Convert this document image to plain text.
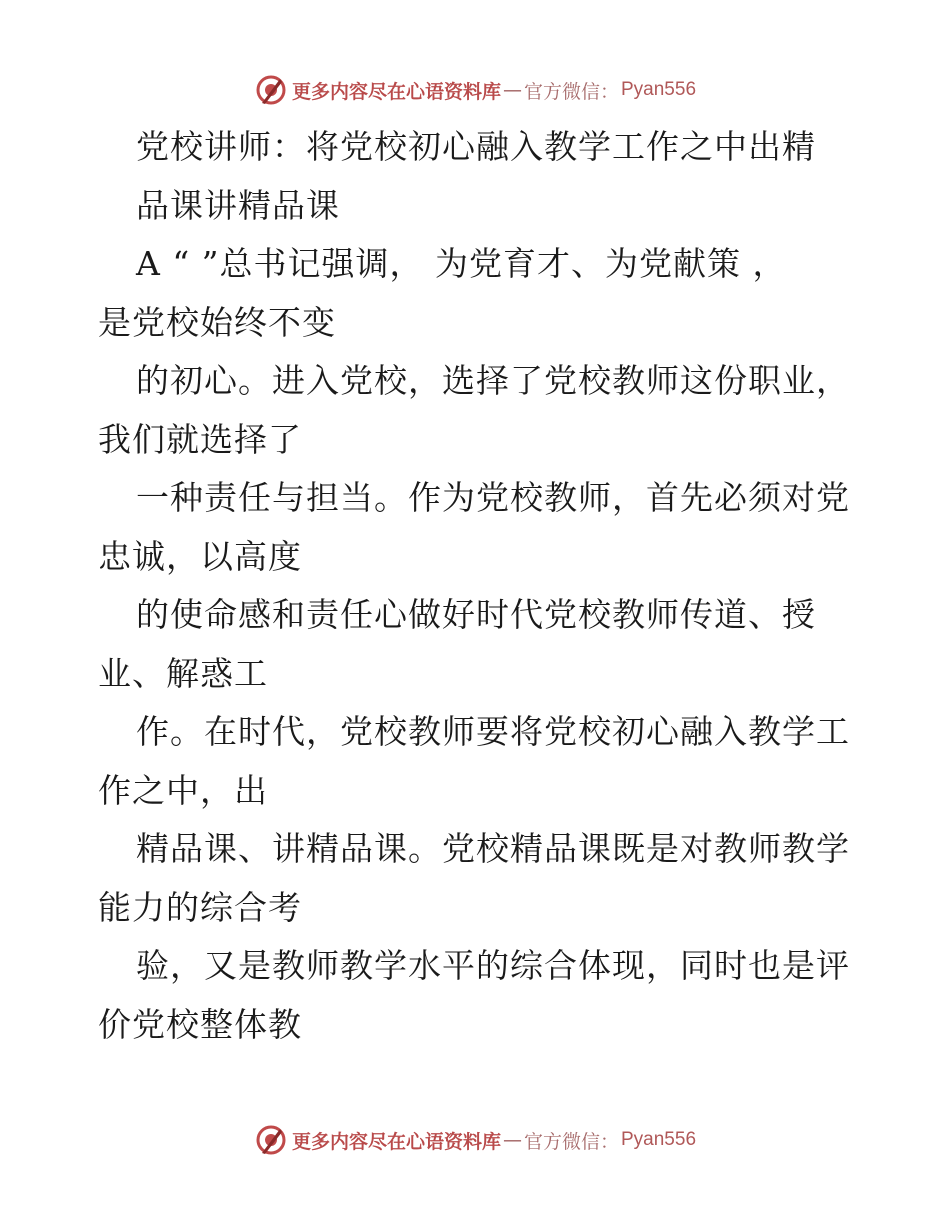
更多内容尽在心语资料库 — 官方微信： Pyan556
党校讲师：将党校初心融入教学工作之中出精
品课讲精品课
A “ ”总书记强调， 为党育才、为党献策 ，
是党校始终不变
的初心。进入党校，选择了党校教师这份职业，
我们就选择了
一种责任与担当。作为党校教师，首先必须对党
忠诚，以高度
的使命感和责任心做好时代党校教师传道、授
业、解惑工
作。在时代，党校教师要将党校初心融入教学工
作之中，出
精品课、讲精品课。党校精品课既是对教师教学
能力的综合考
验，又是教师教学水平的综合体现，同时也是评
价党校整体教
更多内容尽在心语资料库 — 官方微信： Pyan556
